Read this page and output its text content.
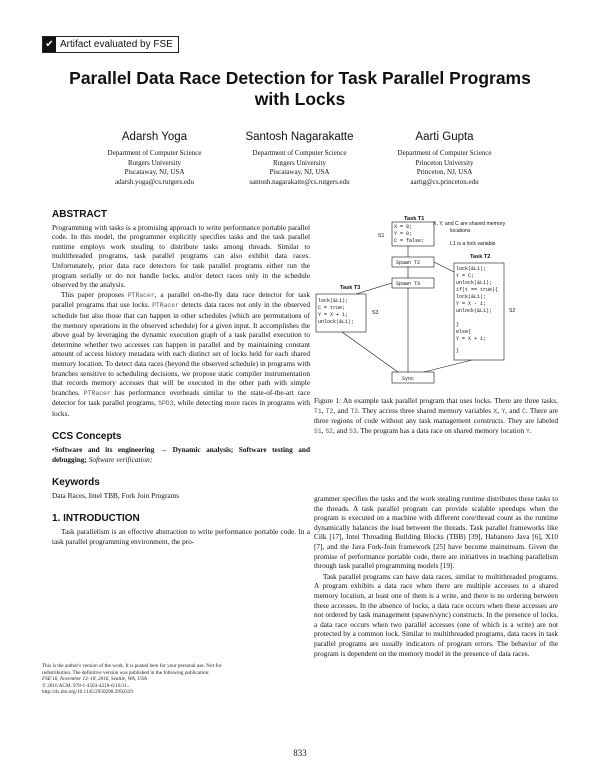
✔ Artifact evaluated by FSE
Parallel Data Race Detection for Task Parallel Programs
with Locks
Adarsh Yoga
Department of Computer Science
Rutgers University
Piscataway, NJ, USA
adarsh.yoga@cs.rutgers.edu
Santosh Nagarakatte
Department of Computer Science
Rutgers University
Piscataway, NJ, USA
santosh.nagarakatte@cs.rutgers.edu
Aarti Gupta
Department of Computer Science
Princeton University
Princeton, NJ, USA
aartig@cs.princeton.edu
ABSTRACT

Programming with tasks is a promising approach to write performance portable parallel code. In this model, the programmer explicitly specifies tasks and the task parallel runtime employs work stealing to distribute tasks among threads. Similar to multithreaded programs, task parallel programs can also exhibit data races. Unfortunately, prior data race detectors for task parallel programs either run the program serially or do not handle locks, and/or detect races only in the schedule observed by the analysis.

This paper proposes PTRacer, a parallel on-the-fly data race detector for task parallel programs that use locks. PTRacer detects data races not only in the observed schedule but also those that can happen in other schedules (which are permutations of the memory operations in the observed schedule) for a given input. It accomplishes the above goal by leveraging the dynamic execution graph of a task parallel execution to determine whether two accesses can happen in parallel and by maintaining constant amount of access history metadata with each distinct set of locks held for each shared memory location. To detect data races (beyond the observed schedule) in programs with branches sensitive to scheduling decisions, we propose static compiler instrumentation that records memory accesses that will be executed in the other path with simple branches. PTRacer has performance overheads similar to the state-of-the-art race detector for task parallel programs, SPD3, while detecting more races in programs with locks.

CCS Concepts

•Software and its engineering → Dynamic analysis; Software testing and debugging; Software verification;

Keywords

Data Races, Intel TBB, Fork Join Programs

1. INTRODUCTION

Task parallelism is an effective abstraction to write performance portable code. In a task parallel programming environment, the pro-

This is the author's version of the work. It is posted here for your personal use. Not for
redistribution. The definitive version was published in the following publication:
FSE'16, November 13–18, 2016, Seattle, WA, USA
© 2016 ACM. 978-1-4503-4218-6/16/11...
http://dx.doi.org/10.1145/2950290.2950329
Task T1
X = 0;
Y = 0;
C = false;
S1
X, Y, and C are shared memory
locations
L1 is a lock variable
Spawn T2
Spawn T3
Task T2
lock(&L1);
t = C;
unlock(&L1);
if(t == true){
lock(&L1);
Y = X - 1;
unlock(&L1);
}
else{
Y = X + 1;
}
S2
Task T3
lock(&L1);
C = true;
Y = X + 1;
unlock(&L1);
S3
Sync

Figure 1: An example task parallel program that uses locks. There are three tasks, T1, T2, and T3. They access three shared memory variables X, Y, and C. There are three regions of code without any task management constructs. They are labeled S1, S2, and S3. The program has a data race on shared memory location Y.

grammer specifies the tasks and the work stealing runtime distributes these tasks to the threads. A task parallel program can provide scalable speedups when the program is executed on a machine with different core/thread count as the runtime dynamically balances the load between the threads. Task parallel frameworks like Cilk [17], Intel Threading Building Blocks (TBB) [39], Habanero Java [6], X10 [7], and the Java Fork-Join framework [25] have become mainstream. Given the promise of performance portable code, there are initiatives in teaching parallelism through task parallel programming models [19].

Task parallel programs can have data races, similar to multithreaded programs. A program exhibits a data race when there are multiple accesses to a shared memory location, at least one of them is a write, and there is no ordering between these accesses. In the absence of locks, a data race occurs when these accesses are not ordered by task management (spawn/sync) constructs. In the presence of locks, a data race occurs when two parallel accesses (one of which is a write) are not protected by a common lock. Similar to multithreaded programs, data races in task parallel programs are usually indicators of program errors. The behavior of the program is dependent on the memory model in the presence of data races.

833
